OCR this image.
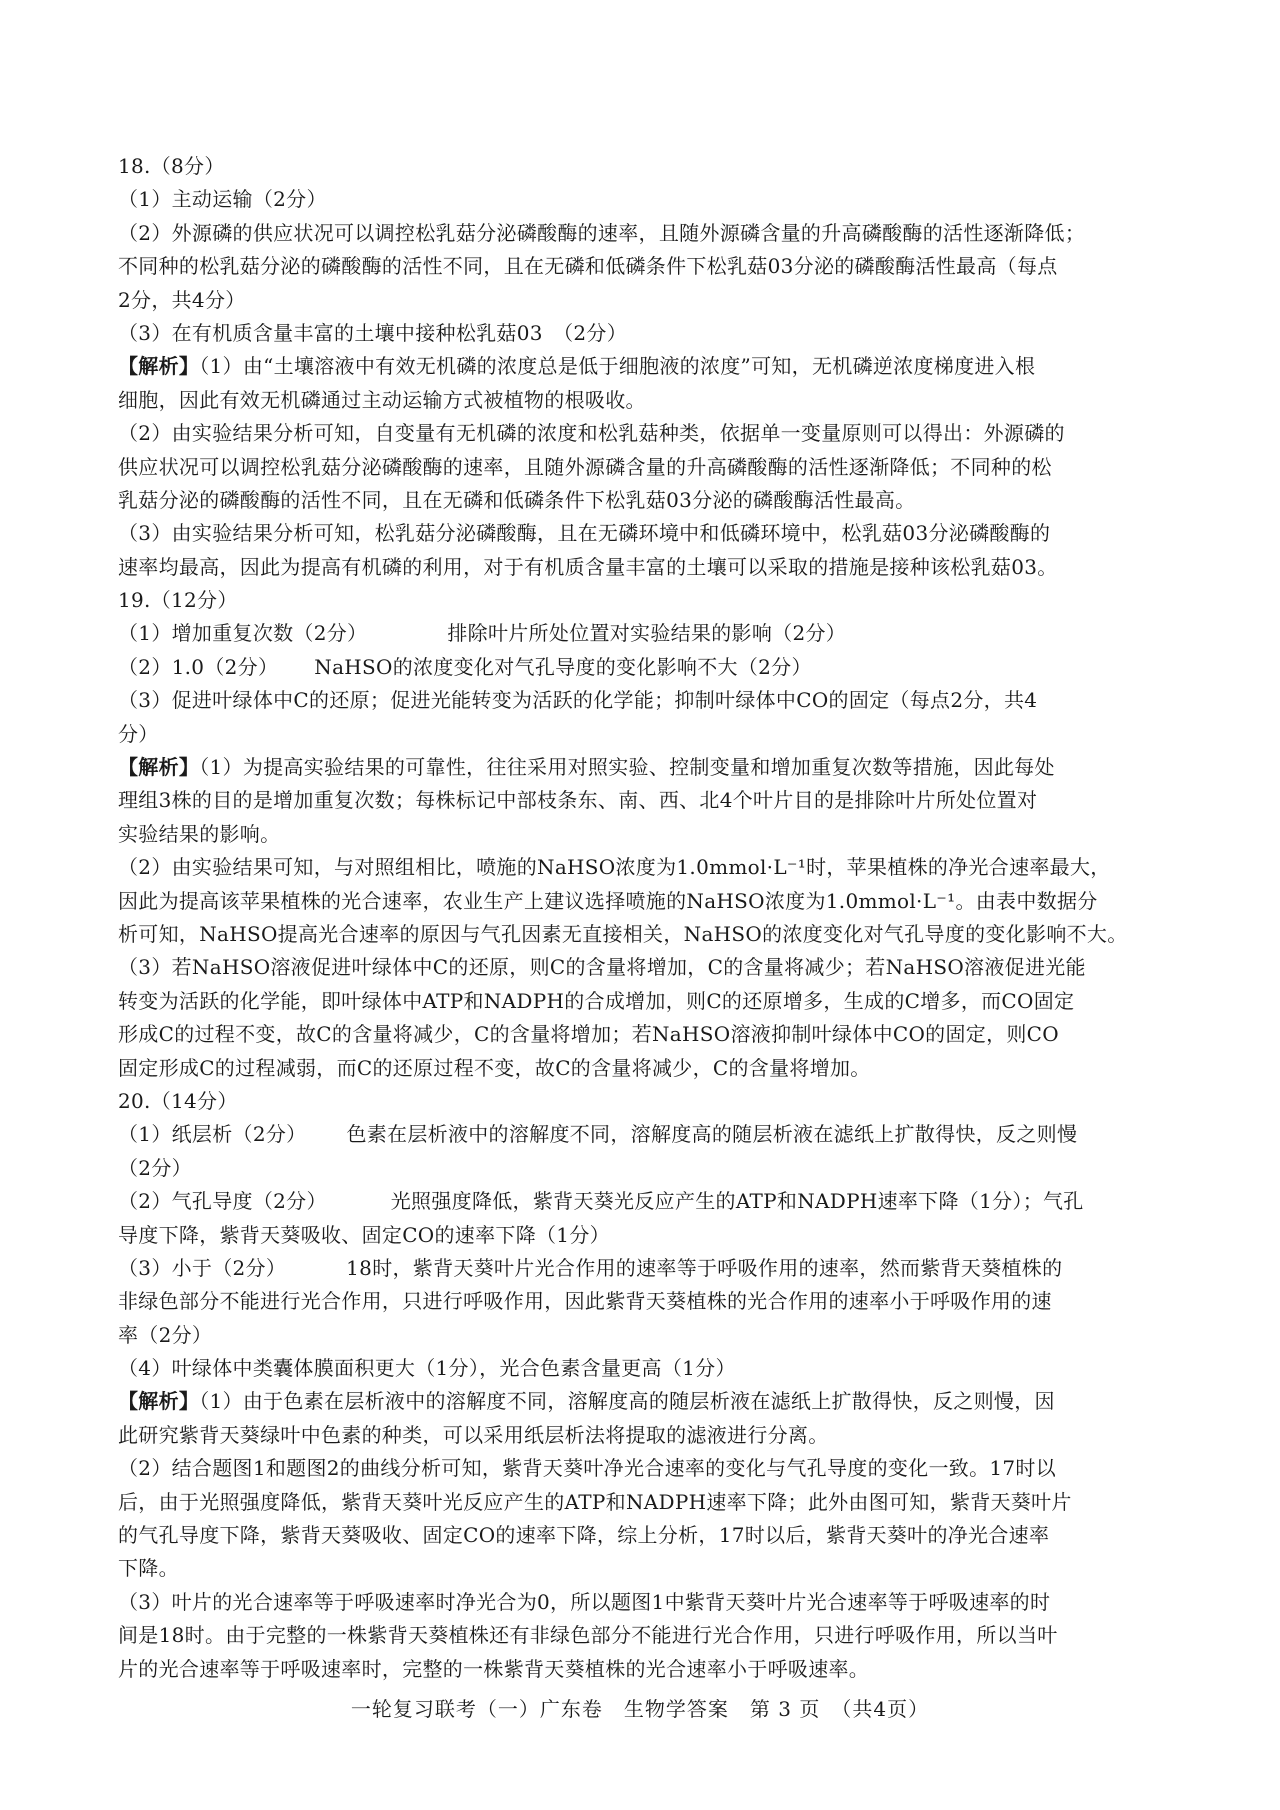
18.（8分）
（1）主动运输（2分）
（2）外源磷的供应状况可以调控松乳菇分泌磷酸酶的速率，且随外源磷含量的升高磷酸酶的活性逐渐降低；
不同种的松乳菇分泌的磷酸酶的活性不同，且在无磷和低磷条件下松乳菇03分泌的磷酸酶活性最高（每点
2分，共4分）
（3）在有机质含量丰富的土壤中接种松乳菇03　（2分）
【解析】（1）由“土壤溶液中有效无机磷的浓度总是低于细胞液的浓度”可知，无机磷逆浓度梯度进入根
细胞，因此有效无机磷通过主动运输方式被植物的根吸收。
（2）由实验结果分析可知，自变量有无机磷的浓度和松乳菇种类，依据单一变量原则可以得出：外源磷的
供应状况可以调控松乳菇分泌磷酸酶的速率，且随外源磷含量的升高磷酸酶的活性逐渐降低；不同种的松
乳菇分泌的磷酸酶的活性不同，且在无磷和低磷条件下松乳菇03分泌的磷酸酶活性最高。
（3）由实验结果分析可知，松乳菇分泌磷酸酶，且在无磷环境中和低磷环境中，松乳菇03分泌磷酸酶的
速率均最高，因此为提高有机磷的利用，对于有机质含量丰富的土壤可以采取的措施是接种该松乳菇03。
19.（12分）
（1）增加重复次数（2分）	排除叶片所处位置对实验结果的影响（2分）
（2）1.0（2分） NaHSO的浓度变化对气孔导度的变化影响不大（2分）
（3）促进叶绿体中C的还原；促进光能转变为活跃的化学能；抑制叶绿体中CO的固定（每点2分，共4
分）
【解析】（1）为提高实验结果的可靠性，往往采用对照实验、控制变量和增加重复次数等措施，因此每处
理组3株的目的是增加重复次数；每株标记中部枝条东、南、西、北4个叶片目的是排除叶片所处位置对
实验结果的影响。
（2）由实验结果可知，与对照组相比，喷施的NaHSO浓度为1.0mmol·L⁻¹时，苹果植株的净光合速率最大，
因此为提高该苹果植株的光合速率，农业生产上建议选择喷施的NaHSO浓度为1.0mmol·L⁻¹。由表中数据分
析可知，NaHSO提高光合速率的原因与气孔因素无直接相关，NaHSO的浓度变化对气孔导度的变化影响不大。
（3）若NaHSO溶液促进叶绿体中C的还原，则C的含量将增加，C的含量将减少；若NaHSO溶液促进光能
转变为活跃的化学能，即叶绿体中ATP和NADPH的合成增加，则C的还原增多，生成的C增多，而CO固定
形成C的过程不变，故C的含量将减少，C的含量将增加；若NaHSO溶液抑制叶绿体中CO的固定，则CO
固定形成C的过程减弱，而C的还原过程不变，故C的含量将减少，C的含量将增加。
20.（14分）
（1）纸层析（2分） 色素在层析液中的溶解度不同，溶解度高的随层析液在滤纸上扩散得快，反之则慢
（2分）
（2）气孔导度（2分）	光照强度降低，紫背天葵光反应产生的ATP和NADPH速率下降（1分）；气孔
导度下降，紫背天葵吸收、固定CO的速率下降（1分）
（3）小于（2分）	18时，紫背天葵叶片光合作用的速率等于呼吸作用的速率，然而紫背天葵植株的
非绿色部分不能进行光合作用，只进行呼吸作用，因此紫背天葵植株的光合作用的速率小于呼吸作用的速
率（2分）
（4）叶绿体中类囊体膜面积更大（1分），光合色素含量更高（1分）
【解析】（1）由于色素在层析液中的溶解度不同，溶解度高的随层析液在滤纸上扩散得快，反之则慢，因
此研究紫背天葵绿叶中色素的种类，可以采用纸层析法将提取的滤液进行分离。
（2）结合题图1和题图2的曲线分析可知，紫背天葵叶净光合速率的变化与气孔导度的变化一致。17时以
后，由于光照强度降低，紫背天葵叶光反应产生的ATP和NADPH速率下降；此外由图可知，紫背天葵叶片
的气孔导度下降，紫背天葵吸收、固定CO的速率下降，综上分析，17时以后，紫背天葵叶的净光合速率
下降。
（3）叶片的光合速率等于呼吸速率时净光合为0，所以题图1中紫背天葵叶片光合速率等于呼吸速率的时
间是18时。由于完整的一株紫背天葵植株还有非绿色部分不能进行光合作用，只进行呼吸作用，所以当叶
片的光合速率等于呼吸速率时，完整的一株紫背天葵植株的光合速率小于呼吸速率。
一轮复习联考（一）广东卷　生物学答案　第 3 页　（共4页）
